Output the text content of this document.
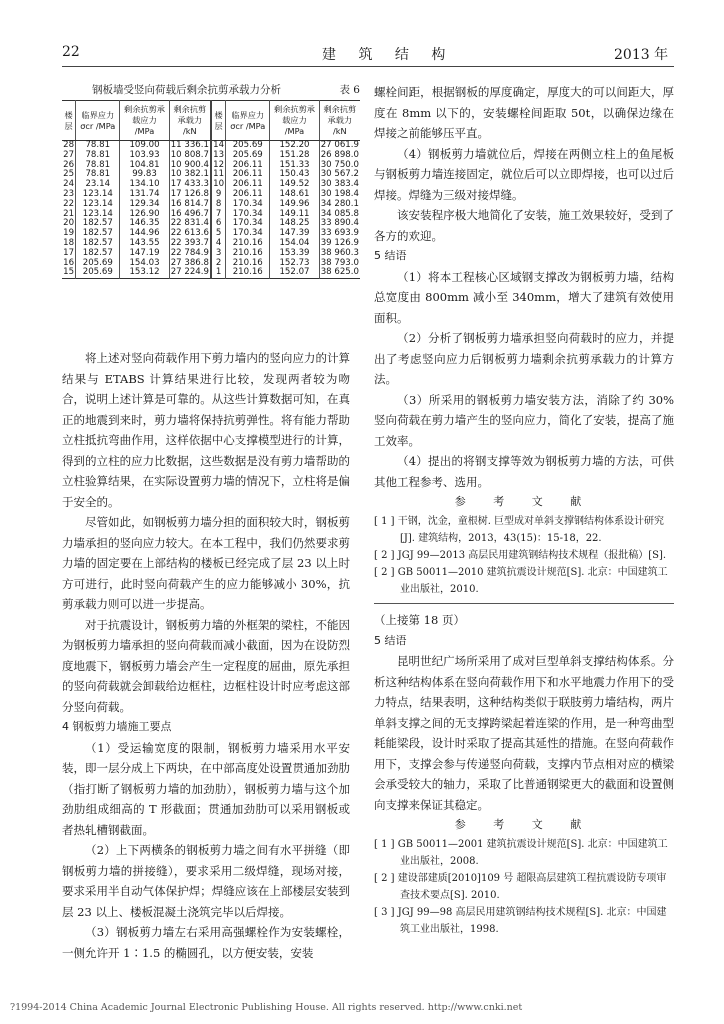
22	建 筑 结 构	2013 年
钢板墙受竖向荷载后剩余抗剪承载力分析	表 6
楼层	临界应力 σcr /MPa	剩余抗剪承载应力 /MPa	剩余抗剪承载力 /kN	楼层	临界应力 σcr /MPa	剩余抗剪承载应力 /MPa	剩余抗剪承载力 /kN
28	78.81	109.00	11 336.1	14	205.69	152.20	27 061.9
27	78.81	103.93	10 808.7	13	205.69	151.28	26 898.0
26	78.81	104.81	10 900.4	12	206.11	151.33	30 750.0
25	78.81	99.83	10 382.1	11	206.11	150.43	30 567.2
24	23.14	134.10	17 433.3	10	206.11	149.52	30 383.4
23	123.14	131.74	17 126.8	9	206.11	148.61	30 198.4
22	123.14	129.34	16 814.7	8	170.34	149.96	34 280.1
21	123.14	126.90	16 496.7	7	170.34	149.11	34 085.8
20	182.57	146.35	22 831.4	6	170.34	148.25	33 890.4
19	182.57	144.96	22 613.6	5	170.34	147.39	33 693.9
18	182.57	143.55	22 393.7	4	210.16	154.04	39 126.9
17	182.57	147.19	22 784.9	3	210.16	153.39	38 960.3
16	205.69	154.03	27 386.8	2	210.16	152.73	38 793.0
15	205.69	153.12	27 224.9	1	210.16	152.07	38 625.0

将上述对竖向荷载作用下剪力墙内的竖向应力的计算结果与 ETABS 计算结果进行比较，发现两者较为吻合，说明上述计算是可靠的。从这些计算数据可知，在真正的地震到来时，剪力墙将保持抗剪弹性。将有能力帮助立柱抵抗弯曲作用，这样依据中心支撑模型进行的计算，得到的立柱的应力比数据，这些数据是没有剪力墙帮助的立柱验算结果，在实际设置剪力墙的情况下，立柱将是偏于安全的。

尽管如此，如钢板剪力墙分担的面积较大时，钢板剪力墙承担的竖向应力较大。在本工程中，我们仍然要求剪力墙的固定要在上部结构的楼板已经完成了层 23 以上时方可进行，此时竖向荷载产生的应力能够减小 30%，抗剪承载力则可以进一步提高。

对于抗震设计，钢板剪力墙的外框架的梁柱，不能因为钢板剪力墙承担的竖向荷载而减小截面，因为在设防烈度地震下，钢板剪力墙会产生一定程度的屈曲，原先承担的竖向荷载就会卸载给边框柱，边框柱设计时应考虑这部分竖向荷载。

4 钢板剪力墙施工要点

（1）受运输宽度的限制，钢板剪力墙采用水平安装，即一层分成上下两块，在中部高度处设置贯通加劲肋（指打断了钢板剪力墙的加劲肋），钢板剪力墙与这个加劲肋组成细高的 T 形截面；贯通加劲肋可以采用钢板或者热轧槽钢截面。

（2）上下两横条的钢板剪力墙之间有水平拼缝（即钢板剪力墙的拼接缝），要求采用二级焊缝，现场对接，要求采用半自动气体保护焊；焊缝应该在上部楼层安装到层 23 以上、楼板混凝土浇筑完毕以后焊接。

（3）钢板剪力墙左右采用高强螺栓作为安装螺栓，一侧允许开 1∶1.5 的椭圆孔，以方便安装，安装

螺栓间距，根据钢板的厚度确定，厚度大的可以间距大，厚度在 8mm 以下的，安装螺栓间距取 50t，以确保边缘在焊接之前能够压平直。

（4）钢板剪力墙就位后，焊接在两侧立柱上的鱼尾板与钢板剪力墙连接固定，就位后可以立即焊接，也可以过后焊接。焊缝为三级对接焊缝。

该安装程序极大地简化了安装，施工效果较好，受到了各方的欢迎。

5 结语

（1）将本工程核心区域钢支撑改为钢板剪力墙，结构总宽度由 800mm 减小至 340mm，增大了建筑有效使用面积。

（2）分析了钢板剪力墙承担竖向荷载时的应力，并提出了考虑竖向应力后钢板剪力墙剩余抗剪承载力的计算方法。

（3）所采用的钢板剪力墙安装方法，消除了约 30% 竖向荷载在剪力墙产生的竖向应力，简化了安装，提高了施工效率。

（4）提出的将钢支撑等效为钢板剪力墙的方法，可供其他工程参考、选用。

参 考 文 献

[ 1 ] 干钢，沈金，童根树. 巨型成对单斜支撑钢结构体系设计研究[J]. 建筑结构，2013，43(15)：15-18，22.

[ 2 ] JGJ 99—2013 高层民用建筑钢结构技术规程（报批稿）[S].

[ 2 ] GB 50011—2010 建筑抗震设计规范[S]. 北京：中国建筑工业出版社，2010.

（上接第 18 页）

5 结语

昆明世纪广场所采用了成对巨型单斜支撑结构体系。分析这种结构体系在竖向荷载作用下和水平地震力作用下的受力特点，结果表明，这种结构类似于联肢剪力墙结构，两片单斜支撑之间的无支撑跨梁起着连梁的作用，是一种弯曲型耗能梁段，设计时采取了提高其延性的措施。在竖向荷载作用下，支撑会参与传递竖向荷载，支撑内节点相对应的横梁会承受较大的轴力，采取了比普通钢梁更大的截面和设置侧向支撑来保证其稳定。

参 考 文 献

[ 1 ] GB 50011—2001 建筑抗震设计规范[S]. 北京：中国建筑工业出版社，2008.

[ 2 ] 建设部建质[2010]109 号 超限高层建筑工程抗震设防专项审查技术要点[S]. 2010.

[ 3 ] JGJ 99—98 高层民用建筑钢结构技术规程[S]. 北京：中国建筑工业出版社，1998.

?1994-2014 China Academic Journal Electronic Publishing House. All rights reserved. http://www.cnki.net
